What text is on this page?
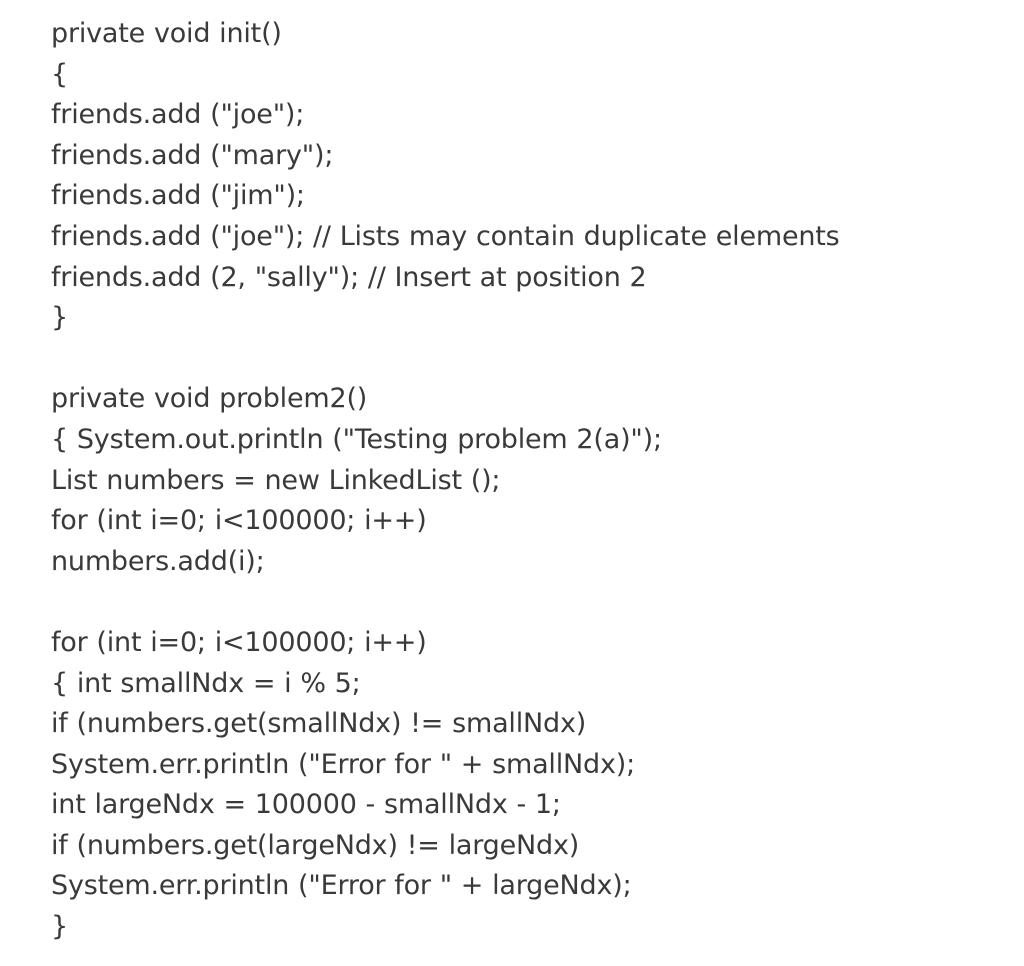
private void init()
{
friends.add ("joe");
friends.add ("mary");
friends.add ("jim");
friends.add ("joe"); // Lists may contain duplicate elements
friends.add (2, "sally"); // Insert at position 2
}
private void problem2()
{ System.out.println ("Testing problem 2(a)");
List numbers = new LinkedList ();
for (int i=0; i<100000; i++)
numbers.add(i);
for (int i=0; i<100000; i++)
{ int smallNdx = i % 5;
if (numbers.get(smallNdx) != smallNdx)
System.err.println ("Error for " + smallNdx);
int largeNdx = 100000 - smallNdx - 1;
if (numbers.get(largeNdx) != largeNdx)
System.err.println ("Error for " + largeNdx);
}
